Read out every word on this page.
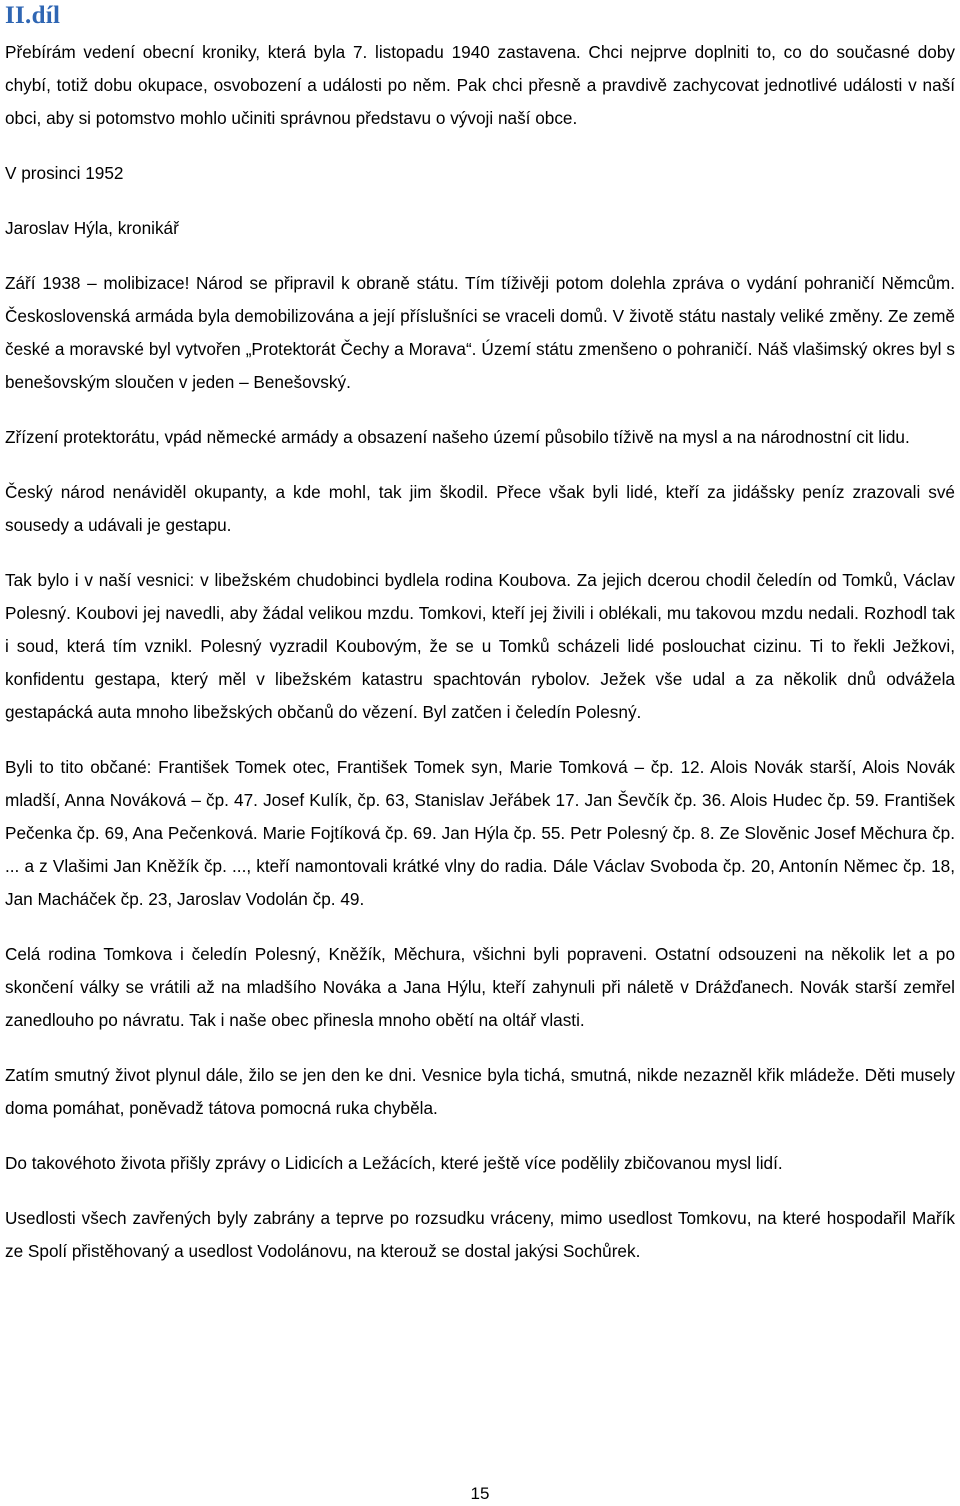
II.díl

Přebírám vedení obecní kroniky, která byla 7. listopadu 1940 zastavena. Chci nejprve doplniti to, co do současné doby chybí, totiž dobu okupace, osvobození a události po něm. Pak chci přesně a pravdivě zachycovat jednotlivé události v naší obci, aby si potomstvo mohlo učiniti správnou představu o vývoji naší obce.

V prosinci 1952

Jaroslav Hýla, kronikář

Září 1938 – molibizace! Národ se připravil k obraně státu. Tím tíživěji potom dolehla zpráva o vydání pohraničí Němcům. Československá armáda byla demobilizována a její příslušníci se vraceli domů. V životě státu nastaly veliké změny. Ze země české a moravské byl vytvořen „Protektorát Čechy a Morava“. Území státu zmenšeno o pohraničí. Náš vlašimský okres byl s benešovským sloučen v jeden – Benešovský.

Zřízení protektorátu, vpád německé armády a obsazení našeho území působilo tíživě na mysl a na národnostní cit lidu.

Český národ nenáviděl okupanty, a kde mohl, tak jim škodil. Přece však byli lidé, kteří za jidášsky peníz zrazovali své sousedy a udávali je gestapu.

Tak bylo i v naší vesnici: v libežském chudobinci bydlela rodina Koubova. Za jejich dcerou chodil čeledín od Tomků, Václav Polesný. Koubovi jej navedli, aby žádal velikou mzdu. Tomkovi, kteří jej živili i oblékali, mu takovou mzdu nedali. Rozhodl tak i soud, která tím vznikl. Polesný vyzradil Koubovým, že se u Tomků scházeli lidé poslouchat cizinu. Ti to řekli Ježkovi, konfidentu gestapa, který měl v libežském katastru spachtován rybolov. Ježek vše udal a za několik dnů odvážela gestapácká auta mnoho libežských občanů do vězení. Byl zatčen i čeledín Polesný.

Byli to tito občané: František Tomek otec, František Tomek syn, Marie Tomková – čp. 12. Alois Novák starší, Alois Novák mladší, Anna Nováková – čp. 47. Josef Kulík, čp. 63, Stanislav Jeřábek 17. Jan Ševčík čp. 36. Alois Hudec čp. 59. František Pečenka čp. 69, Ana Pečenková. Marie Fojtíková čp. 69. Jan Hýla čp. 55. Petr Polesný čp. 8. Ze Slověnic Josef Měchura čp. ... a z Vlašimi Jan Kněžík čp. ..., kteří namontovali krátké vlny do radia. Dále Václav Svoboda čp. 20, Antonín Němec čp. 18, Jan Macháček čp. 23, Jaroslav Vodolán čp. 49.

Celá rodina Tomkova i čeledín Polesný, Kněžík, Měchura, všichni byli popraveni. Ostatní odsouzeni na několik let a po skončení války se vrátili až na mladšího Nováka a Jana Hýlu, kteří zahynuli při náletě v Drážďanech. Novák starší zemřel zanedlouho po návratu. Tak i naše obec přinesla mnoho obětí na oltář vlasti.

Zatím smutný život plynul dále, žilo se jen den ke dni. Vesnice byla tichá, smutná, nikde nezazněl křik mládeže. Děti musely doma pomáhat, poněvadž tátova pomocná ruka chyběla.

Do takovéhoto života přišly zprávy o Lidicích a Ležácích, které ještě více podělily zbičovanou mysl lidí.

Usedlosti všech zavřených byly zabrány a teprve po rozsudku vráceny, mimo usedlost Tomkovu, na které hospodařil Mařík ze Spolí přistěhovaný a usedlost Vodolánovu, na kterouž se dostal jakýsi Sochůrek.

15
